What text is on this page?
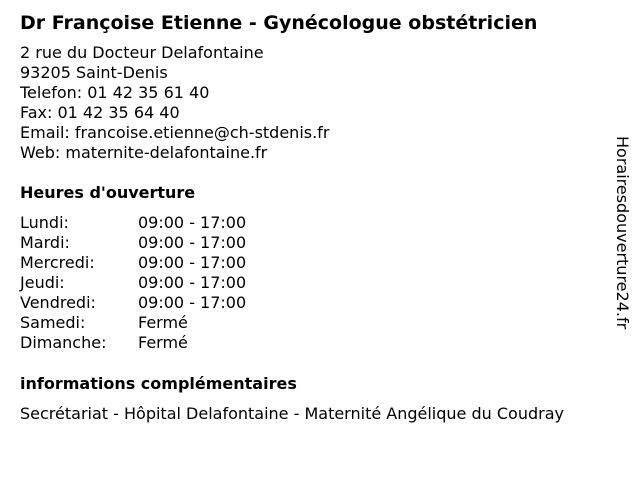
Dr Françoise Etienne - Gynécologue obstétricien
2 rue du Docteur Delafontaine
93205 Saint-Denis
Telefon: 01 42 35 61 40
Fax: 01 42 35 64 40
Email: francoise.etienne@ch-stdenis.fr
Web: maternite-delafontaine.fr
Heures d'ouverture
Lundi:	09:00 - 17:00
Mardi:	09:00 - 17:00
Mercredi:	09:00 - 17:00
Jeudi:	09:00 - 17:00
Vendredi:	09:00 - 17:00
Samedi:	Fermé
Dimanche: Fermé
informations complémentaires
Secrétariat - Hôpital Delafontaine - Maternité Angélique du Coudray
Horairesdouverture24.fr
